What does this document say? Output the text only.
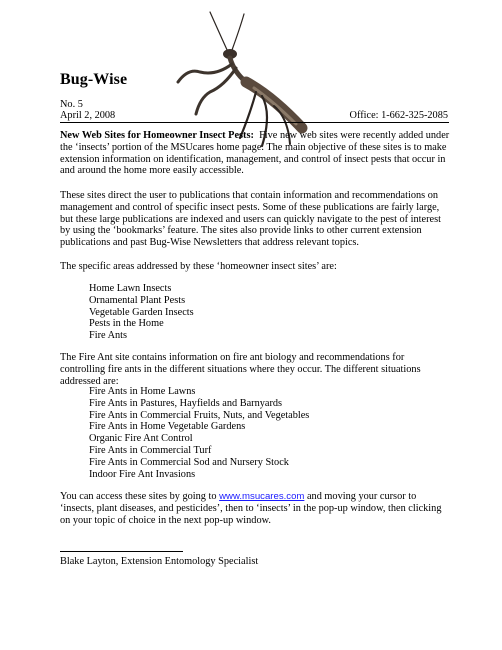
Bug-Wise
No. 5
April 2, 2008	Office: 1-662-325-2085

New Web Sites for Homeowner Insect Pests: Five new web sites were recently added under the ‘insects’ portion of the MSUcares home page. The main objective of these sites is to make extension information on identification, management, and control of insect pests that occur in and around the home more easily accessible.

These sites direct the user to publications that contain information and recommendations on management and control of specific insect pests. Some of these publications are fairly large, but these large publications are indexed and users can quickly navigate to the pest of interest by using the ‘bookmarks’ feature. The sites also provide links to other current extension publications and past Bug-Wise Newsletters that address relevant topics.

The specific areas addressed by these ‘homeowner insect sites’ are:

Home Lawn Insects
Ornamental Plant Pests
Vegetable Garden Insects
Pests in the Home
Fire Ants

The Fire Ant site contains information on fire ant biology and recommendations for controlling fire ants in the different situations where they occur. The different situations addressed are:

Fire Ants in Home Lawns
Fire Ants in Pastures, Hayfields and Barnyards
Fire Ants in Commercial Fruits, Nuts, and Vegetables
Fire Ants in Home Vegetable Gardens
Organic Fire Ant Control
Fire Ants in Commercial Turf
Fire Ants in Commercial Sod and Nursery Stock
Indoor Fire Ant Invasions

You can access these sites by going to www.msucares.com and moving your cursor to ‘insects, plant diseases, and pesticides’, then to ‘insects’ in the pop-up window, then clicking on your topic of choice in the next pop-up window.

Blake Layton, Extension Entomology Specialist
